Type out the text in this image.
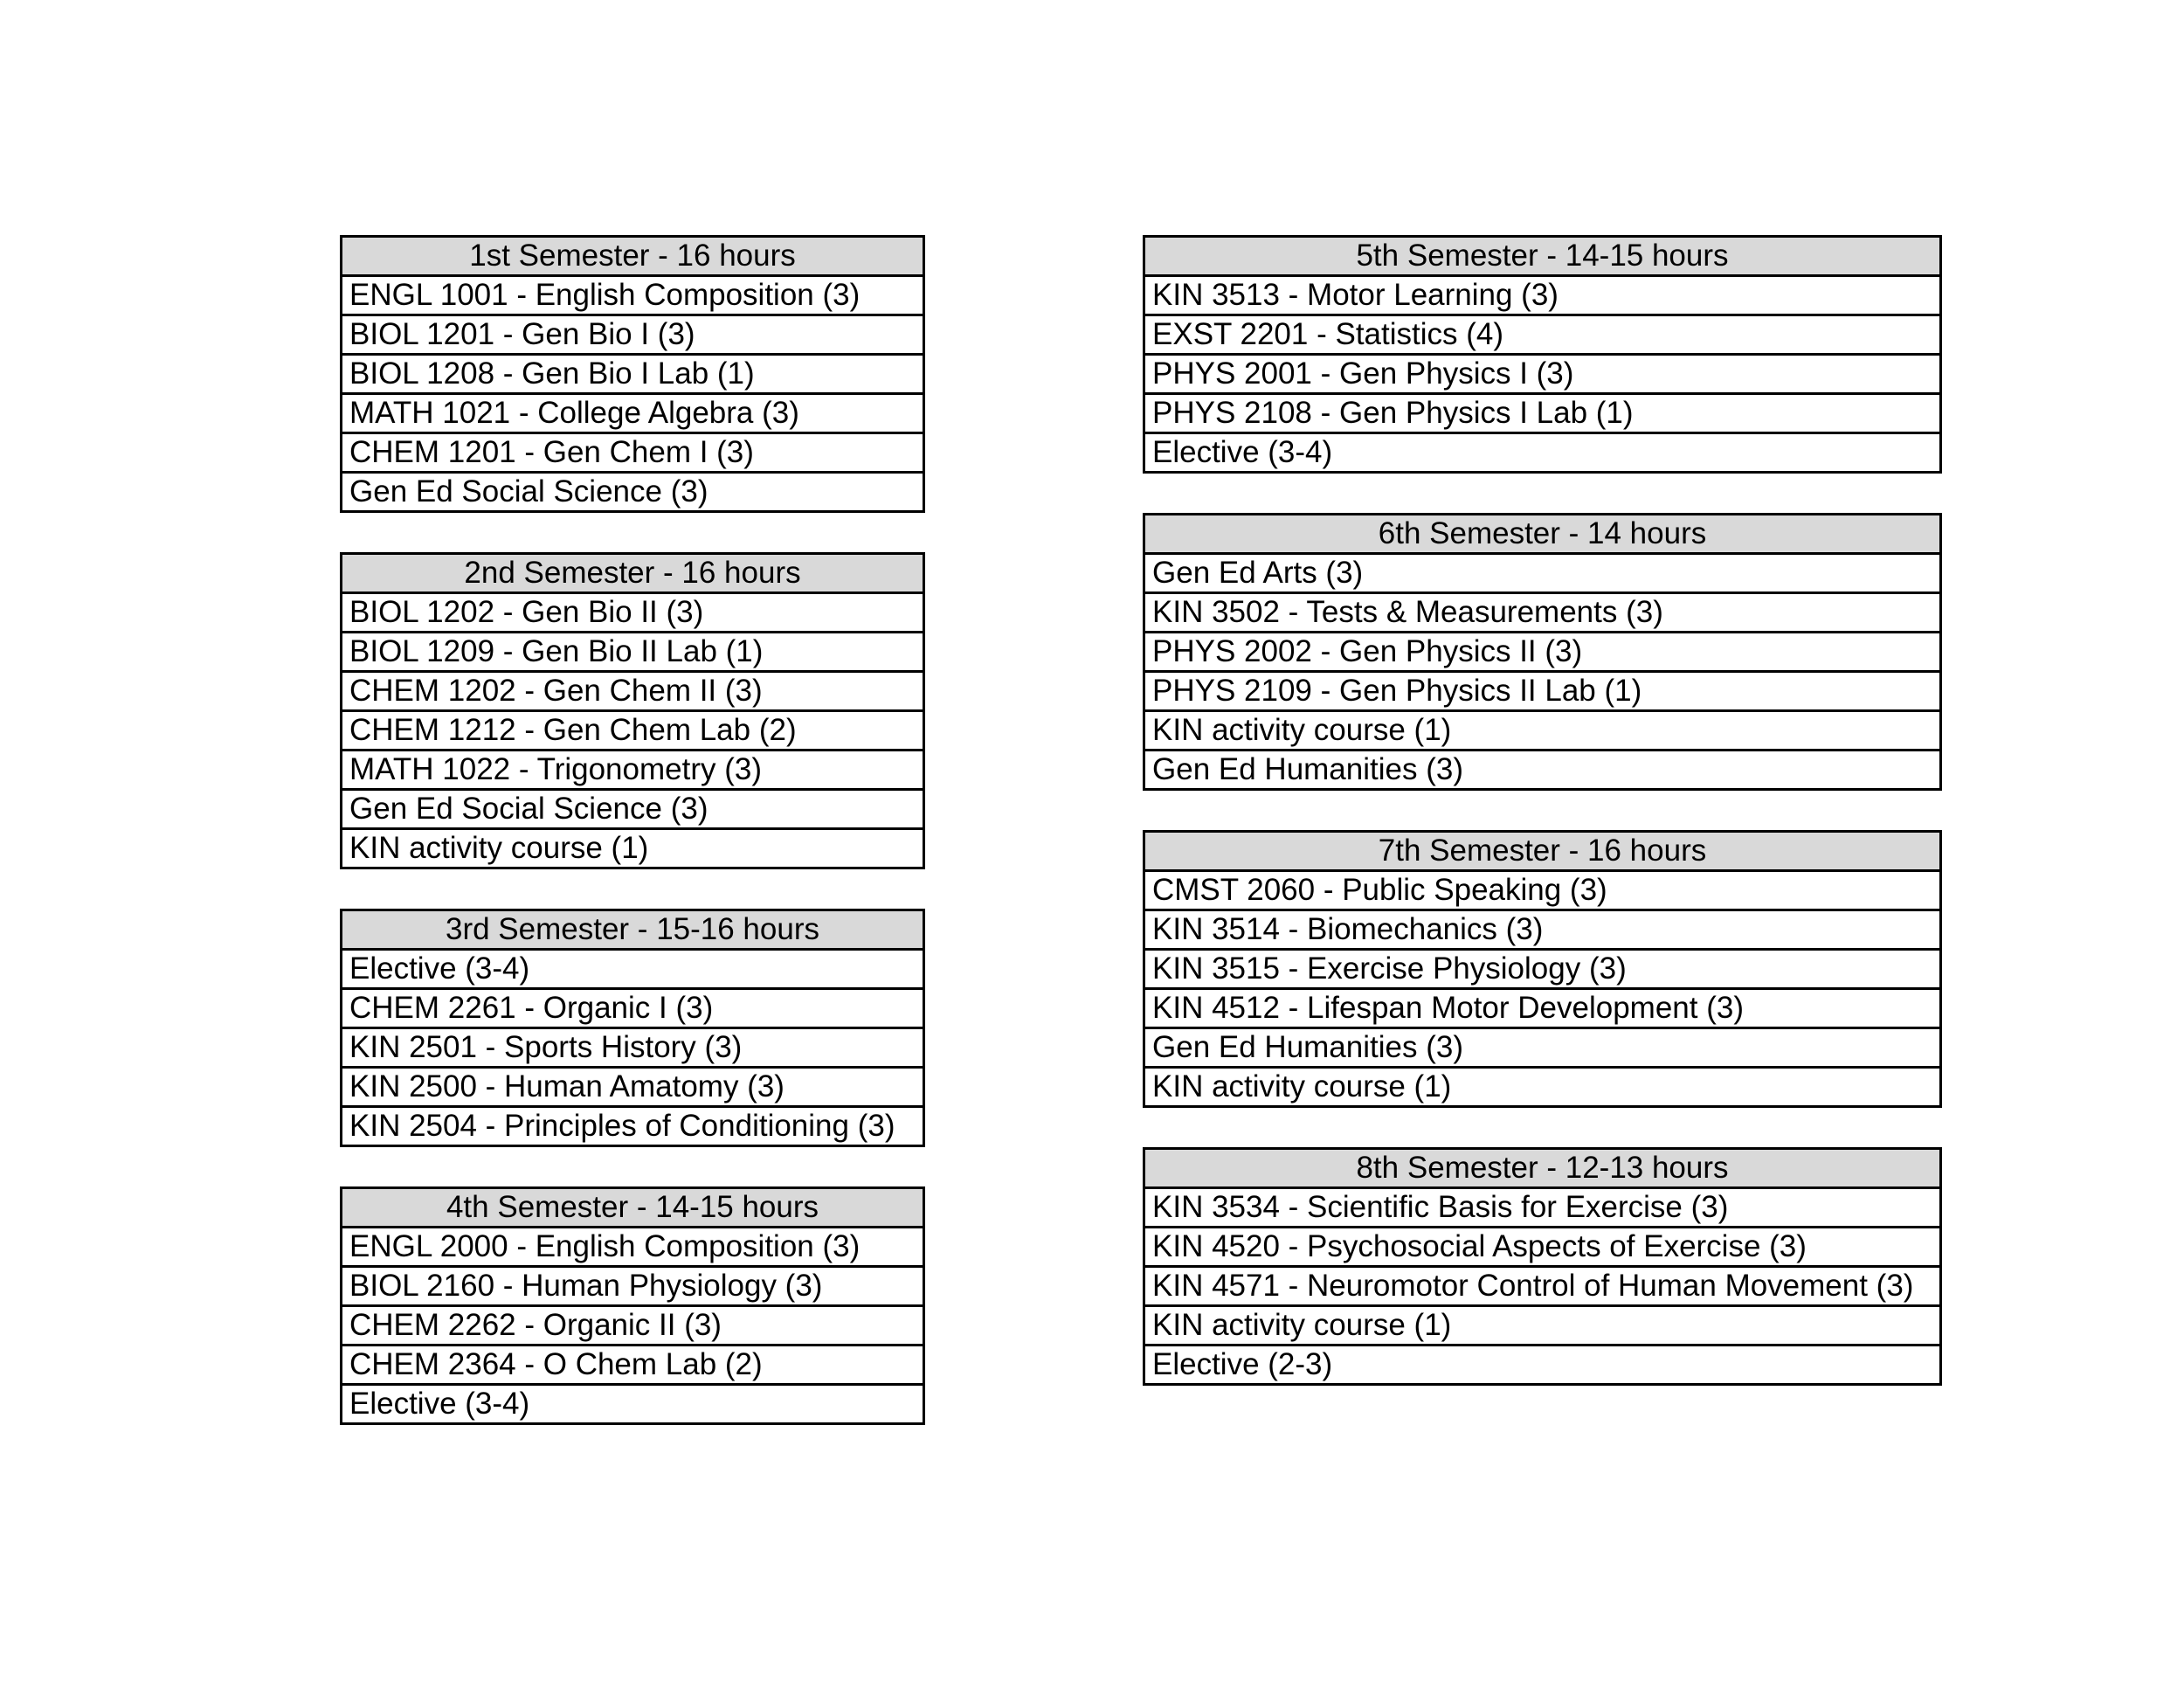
1st Semester - 16 hours
ENGL 1001 - English Composition (3)
BIOL 1201 - Gen Bio I (3)
BIOL 1208 - Gen Bio I Lab (1)
MATH 1021 - College Algebra (3)
CHEM 1201 - Gen Chem I (3)
Gen Ed Social Science (3)
2nd Semester - 16 hours
BIOL 1202 - Gen Bio II (3)
BIOL 1209 - Gen Bio II Lab (1)
CHEM 1202 - Gen Chem II (3)
CHEM 1212 - Gen Chem Lab (2)
MATH 1022 - Trigonometry (3)
Gen Ed Social Science (3)
KIN activity course (1)
3rd Semester - 15-16 hours
Elective (3-4)
CHEM 2261 - Organic I (3)
KIN 2501 - Sports History (3)
KIN 2500 - Human Amatomy (3)
KIN 2504 - Principles of Conditioning (3)
4th Semester - 14-15 hours
ENGL 2000 - English Composition (3)
BIOL 2160 - Human Physiology (3)
CHEM 2262 - Organic II (3)
CHEM 2364 - O Chem Lab (2)
Elective (3-4)
5th Semester - 14-15 hours
KIN 3513 - Motor Learning (3)
EXST 2201 - Statistics (4)
PHYS 2001 - Gen Physics I (3)
PHYS 2108 - Gen Physics I Lab (1)
Elective (3-4)
6th Semester - 14 hours
Gen Ed Arts (3)
KIN 3502 - Tests & Measurements (3)
PHYS 2002 - Gen Physics II (3)
PHYS 2109 - Gen Physics II Lab (1)
KIN activity course (1)
Gen Ed Humanities (3)
7th Semester - 16 hours
CMST 2060 - Public Speaking (3)
KIN 3514 - Biomechanics (3)
KIN 3515 - Exercise Physiology (3)
KIN 4512 - Lifespan Motor Development (3)
Gen Ed Humanities (3)
KIN activity course (1)
8th Semester - 12-13 hours
KIN 3534 - Scientific Basis for Exercise (3)
KIN 4520 - Psychosocial Aspects of Exercise (3)
KIN 4571 - Neuromotor Control of Human Movement (3)
KIN activity course (1)
Elective (2-3)
